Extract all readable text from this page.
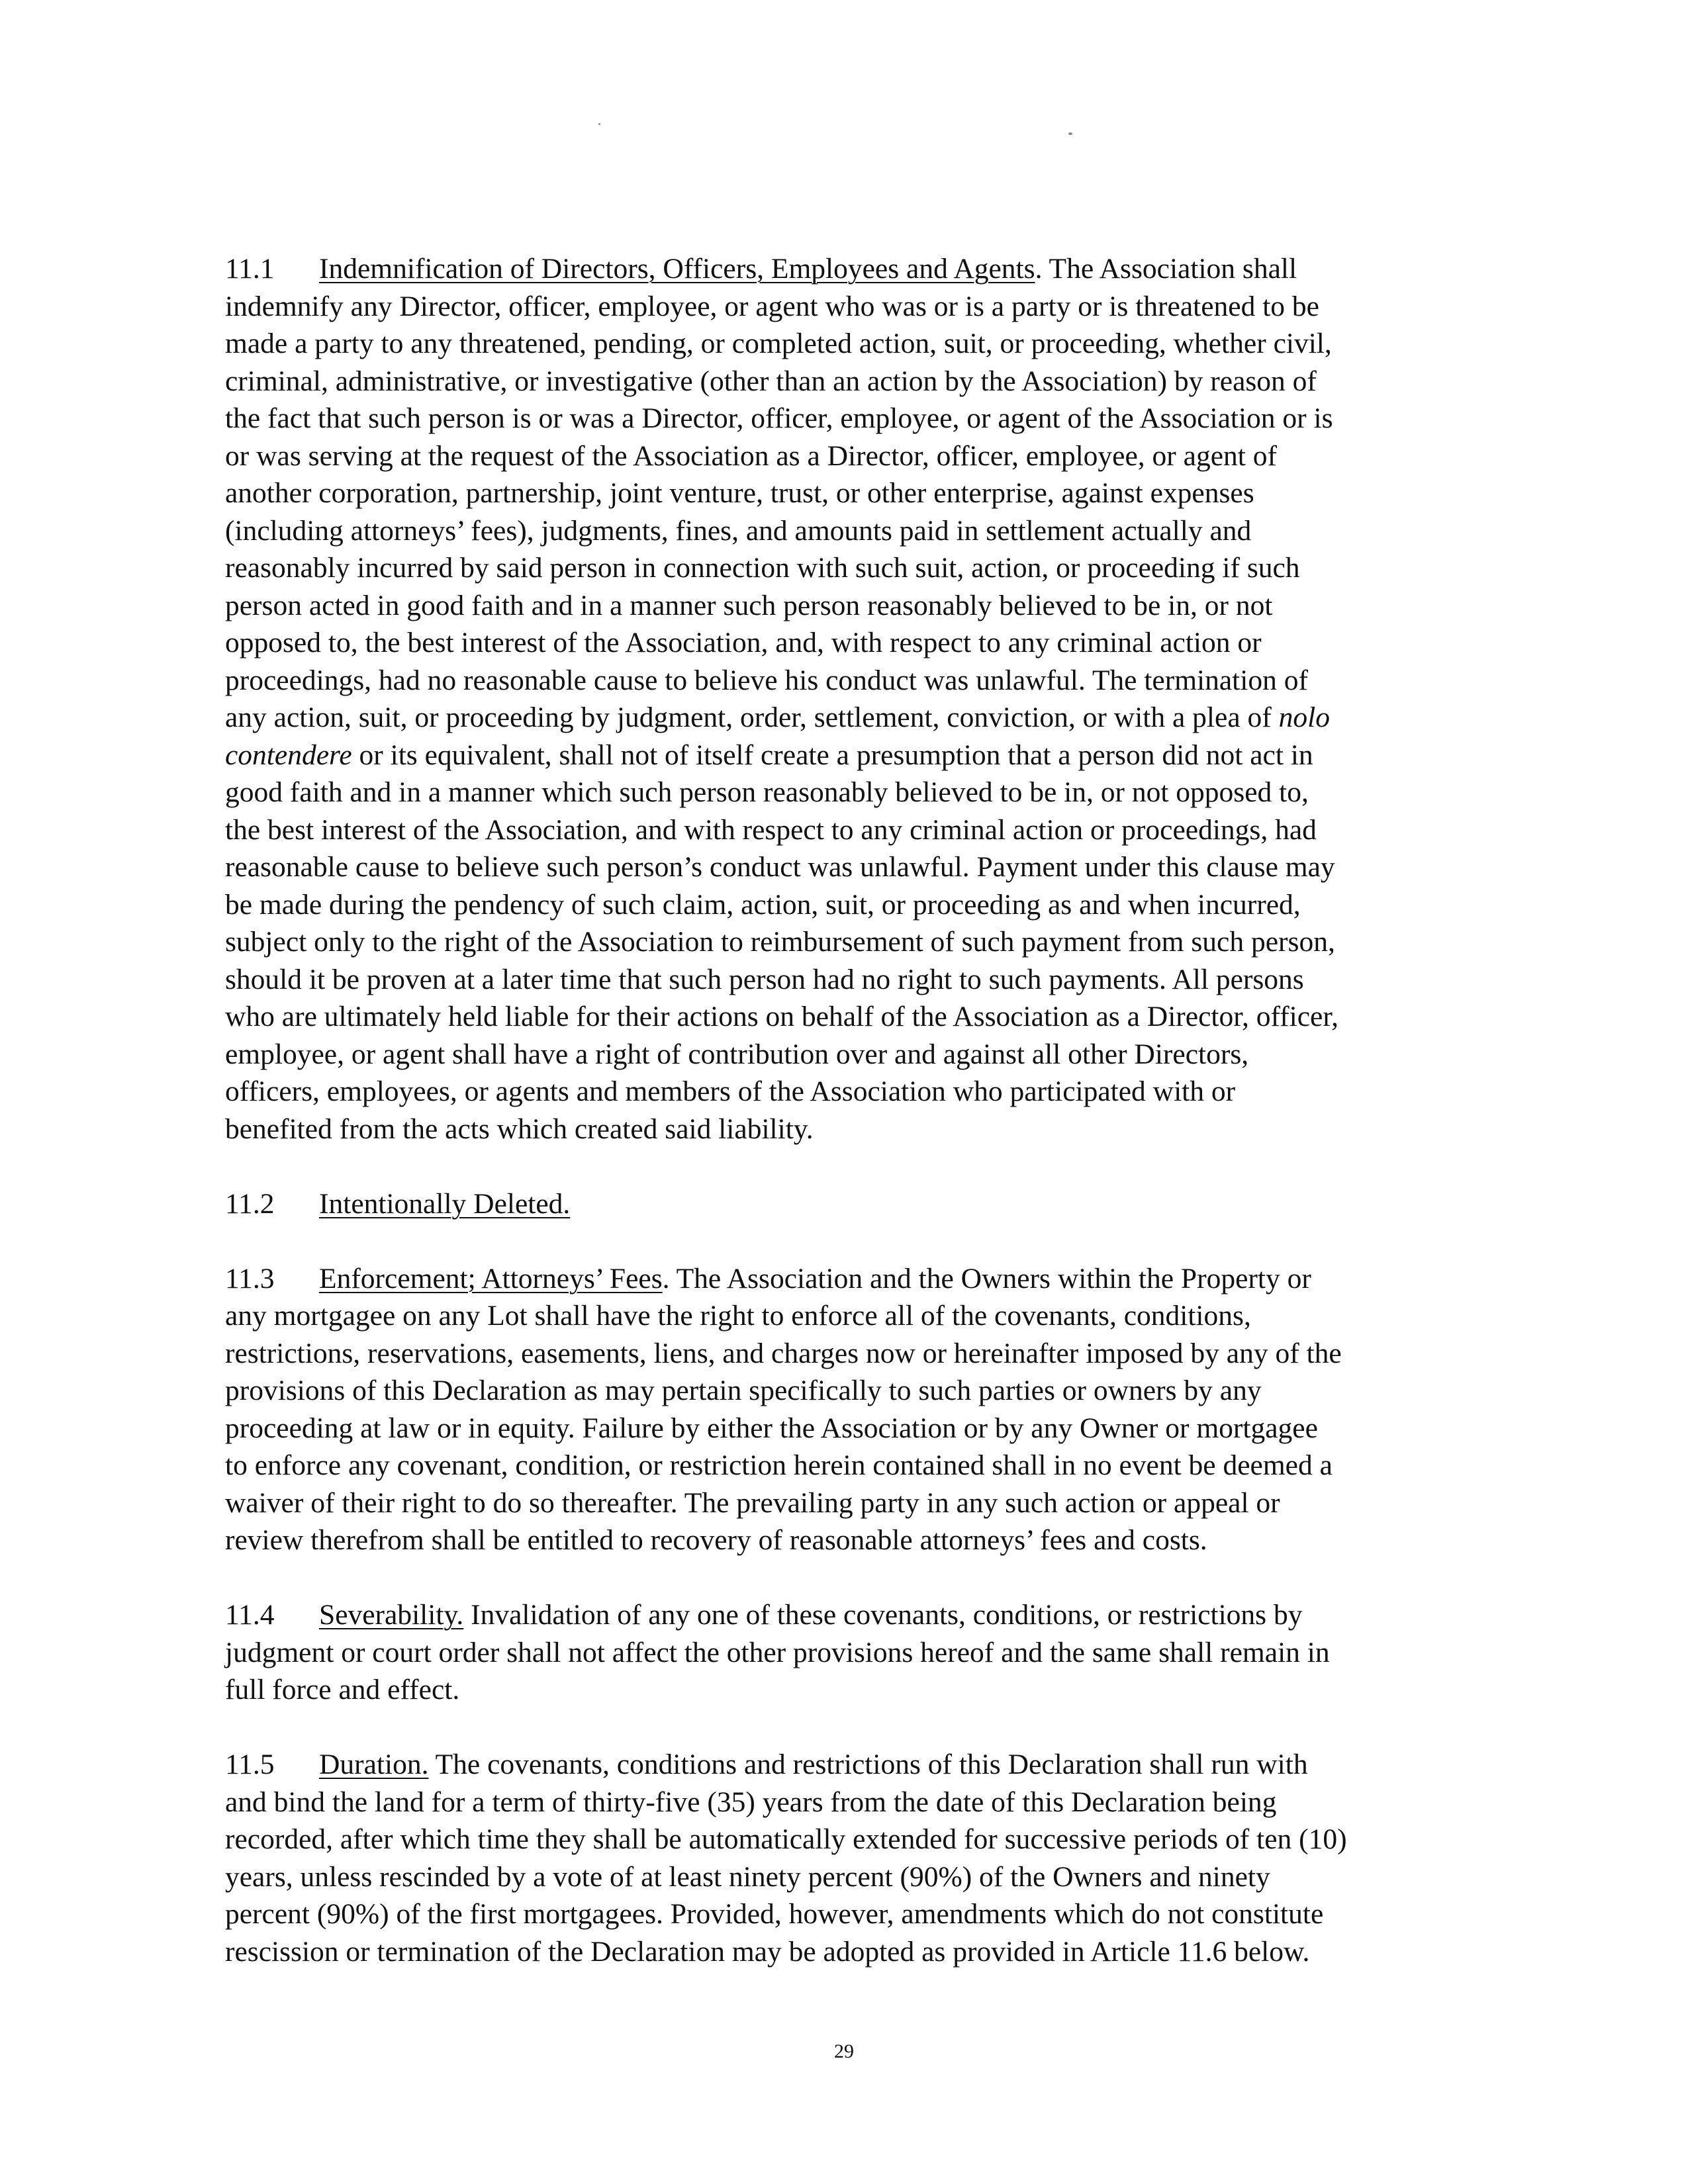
11.1 Indemnification of Directors, Officers, Employees and Agents. The Association shall
indemnify any Director, officer, employee, or agent who was or is a party or is threatened to be
made a party to any threatened, pending, or completed action, suit, or proceeding, whether civil,
criminal, administrative, or investigative (other than an action by the Association) by reason of
the fact that such person is or was a Director, officer, employee, or agent of the Association or is
or was serving at the request of the Association as a Director, officer, employee, or agent of
another corporation, partnership, joint venture, trust, or other enterprise, against expenses
(including attorneys’ fees), judgments, fines, and amounts paid in settlement actually and
reasonably incurred by said person in connection with such suit, action, or proceeding if such
person acted in good faith and in a manner such person reasonably believed to be in, or not
opposed to, the best interest of the Association, and, with respect to any criminal action or
proceedings, had no reasonable cause to believe his conduct was unlawful. The termination of
any action, suit, or proceeding by judgment, order, settlement, conviction, or with a plea of nolo
contendere or its equivalent, shall not of itself create a presumption that a person did not act in
good faith and in a manner which such person reasonably believed to be in, or not opposed to,
the best interest of the Association, and with respect to any criminal action or proceedings, had
reasonable cause to believe such person’s conduct was unlawful. Payment under this clause may
be made during the pendency of such claim, action, suit, or proceeding as and when incurred,
subject only to the right of the Association to reimbursement of such payment from such person,
should it be proven at a later time that such person had no right to such payments. All persons
who are ultimately held liable for their actions on behalf of the Association as a Director, officer,
employee, or agent shall have a right of contribution over and against all other Directors,
officers, employees, or agents and members of the Association who participated with or
benefited from the acts which created said liability.

11.2 Intentionally Deleted.

11.3 Enforcement; Attorneys’ Fees. The Association and the Owners within the Property or
any mortgagee on any Lot shall have the right to enforce all of the covenants, conditions,
restrictions, reservations, easements, liens, and charges now or hereinafter imposed by any of the
provisions of this Declaration as may pertain specifically to such parties or owners by any
proceeding at law or in equity. Failure by either the Association or by any Owner or mortgagee
to enforce any covenant, condition, or restriction herein contained shall in no event be deemed a
waiver of their right to do so thereafter. The prevailing party in any such action or appeal or
review therefrom shall be entitled to recovery of reasonable attorneys’ fees and costs.

11.4 Severability. Invalidation of any one of these covenants, conditions, or restrictions by
judgment or court order shall not affect the other provisions hereof and the same shall remain in
full force and effect.

11.5 Duration. The covenants, conditions and restrictions of this Declaration shall run with
and bind the land for a term of thirty-five (35) years from the date of this Declaration being
recorded, after which time they shall be automatically extended for successive periods of ten (10)
years, unless rescinded by a vote of at least ninety percent (90%) of the Owners and ninety
percent (90%) of the first mortgagees. Provided, however, amendments which do not constitute
rescission or termination of the Declaration may be adopted as provided in Article 11.6 below.

29
